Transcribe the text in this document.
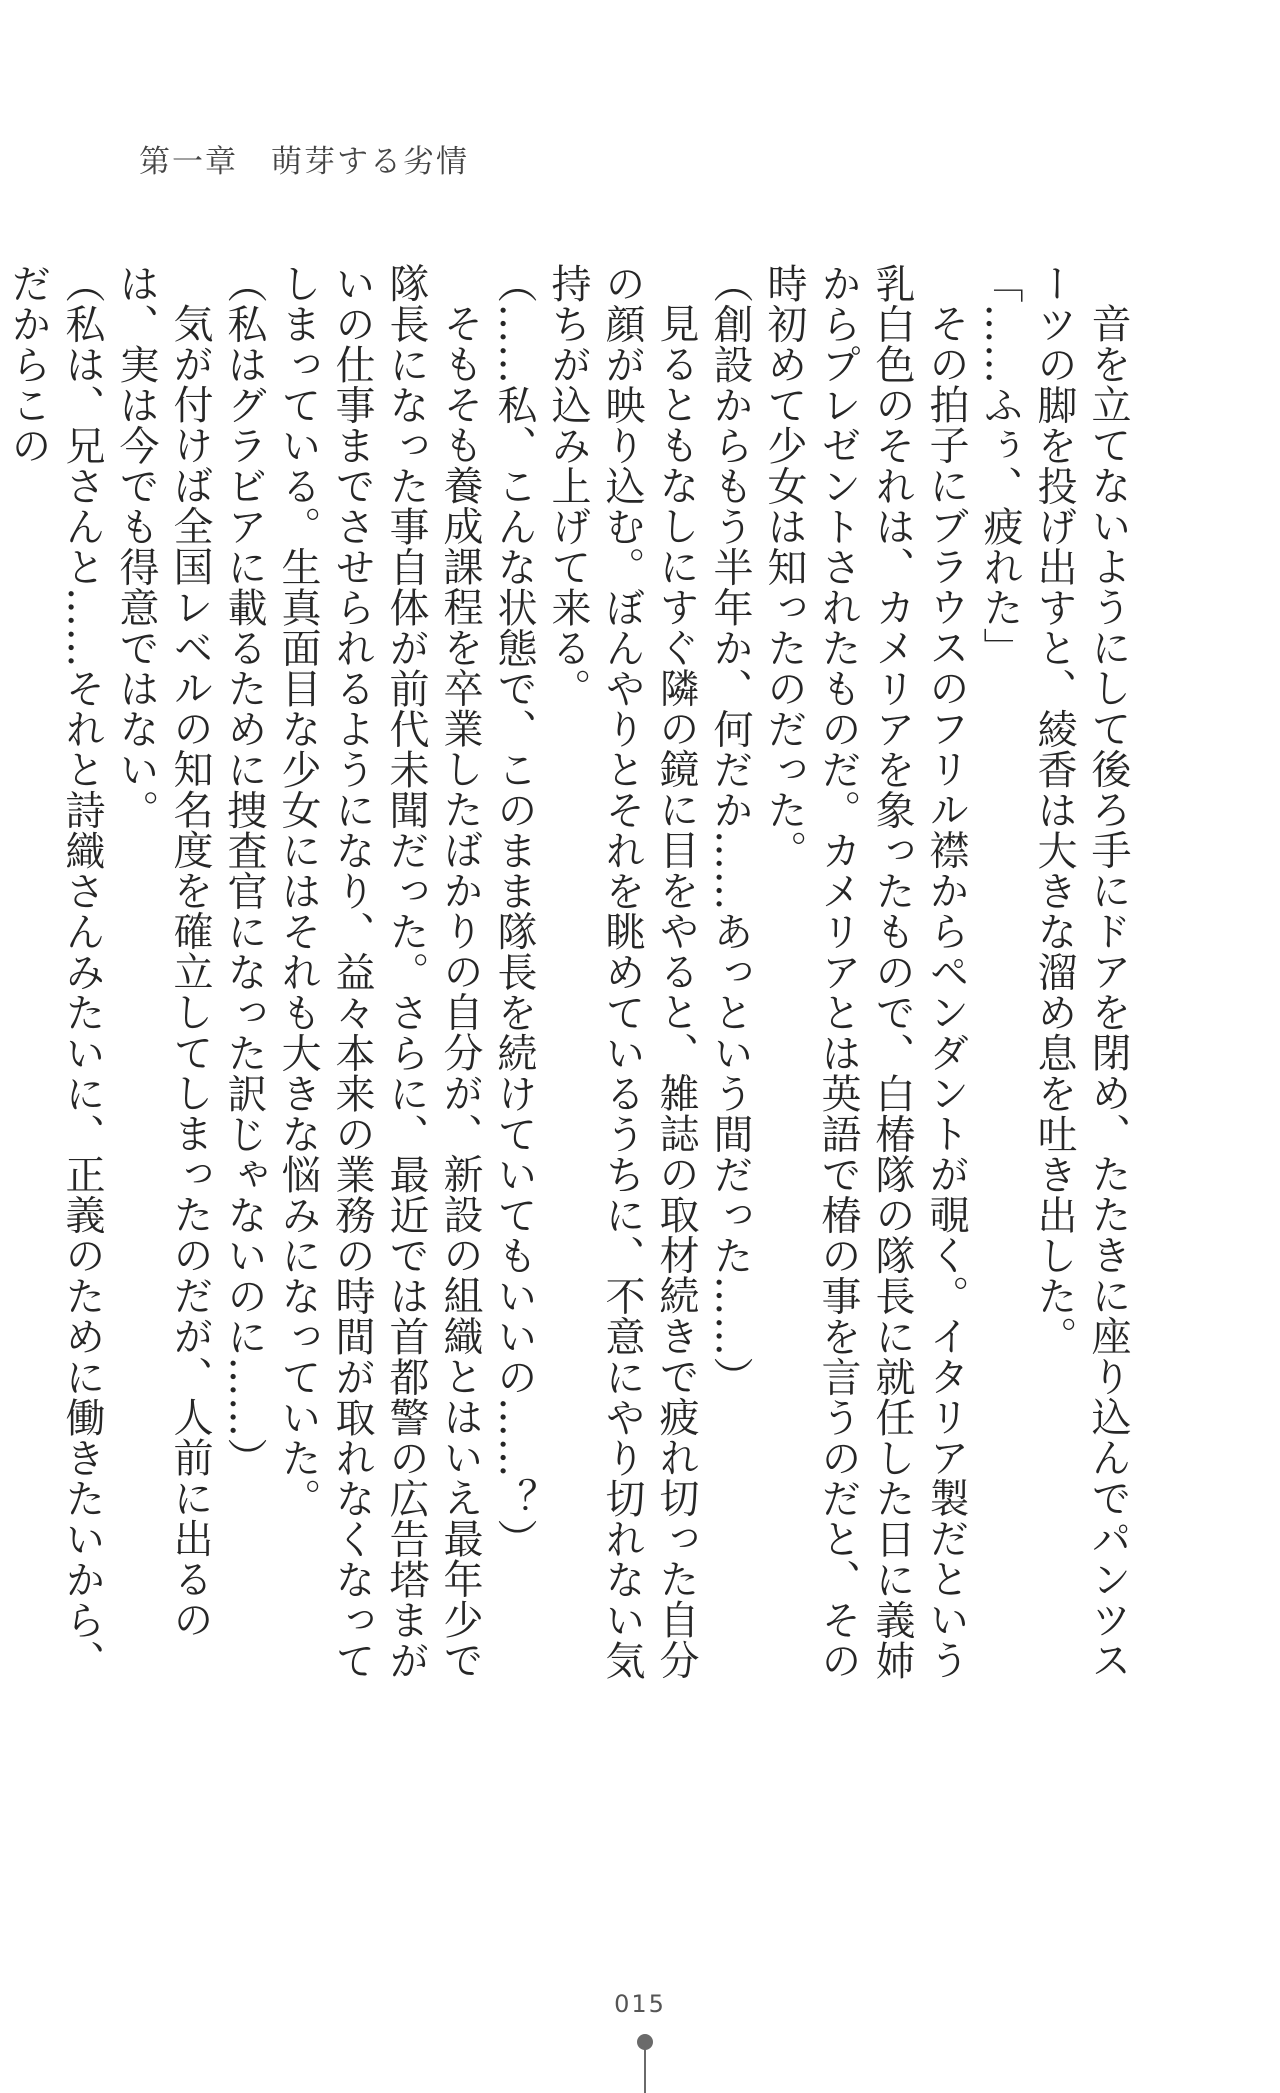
第一章　萌芽する劣情

音を立てないようにして後ろ手にドアを閉め、たたきに座り込んでパンツスーツの脚を投げ出すと、綾香は大きな溜め息を吐き出した。

「……ふぅ、疲れた」

その拍子にブラウスのフリル襟からペンダントが覗く。イタリア製だという乳白色のそれは、カメリアを象ったもので、白椿隊の隊長に就任した日に義姉からプレゼントされたものだ。カメリアとは英語で椿の事を言うのだと、その時初めて少女は知ったのだった。

（創設からもう半年か、何だか……あっという間だった……）

見るともなしにすぐ隣の鏡に目をやると、雑誌の取材続きで疲れ切った自分の顔が映り込む。ぼんやりとそれを眺めているうちに、不意にやり切れない気持ちが込み上げて来る。

（……私、こんな状態で、このまま隊長を続けていてもいいの……？）

そもそも養成課程を卒業したばかりの自分が、新設の組織とはいえ最年少で隊長になった事自体が前代未聞だった。さらに、最近では首都警の広告塔まがいの仕事までさせられるようになり、益々本来の業務の時間が取れなくなってしまっている。生真面目な少女にはそれも大きな悩みになっていた。

（私はグラビアに載るために捜査官になった訳じゃないのに……）

気が付けば全国レベルの知名度を確立してしまったのだが、人前に出るのは、実は今でも得意ではない。

（私は、兄さんと……それと詩織さんみたいに、正義のために働きたいから、だからこの

015
